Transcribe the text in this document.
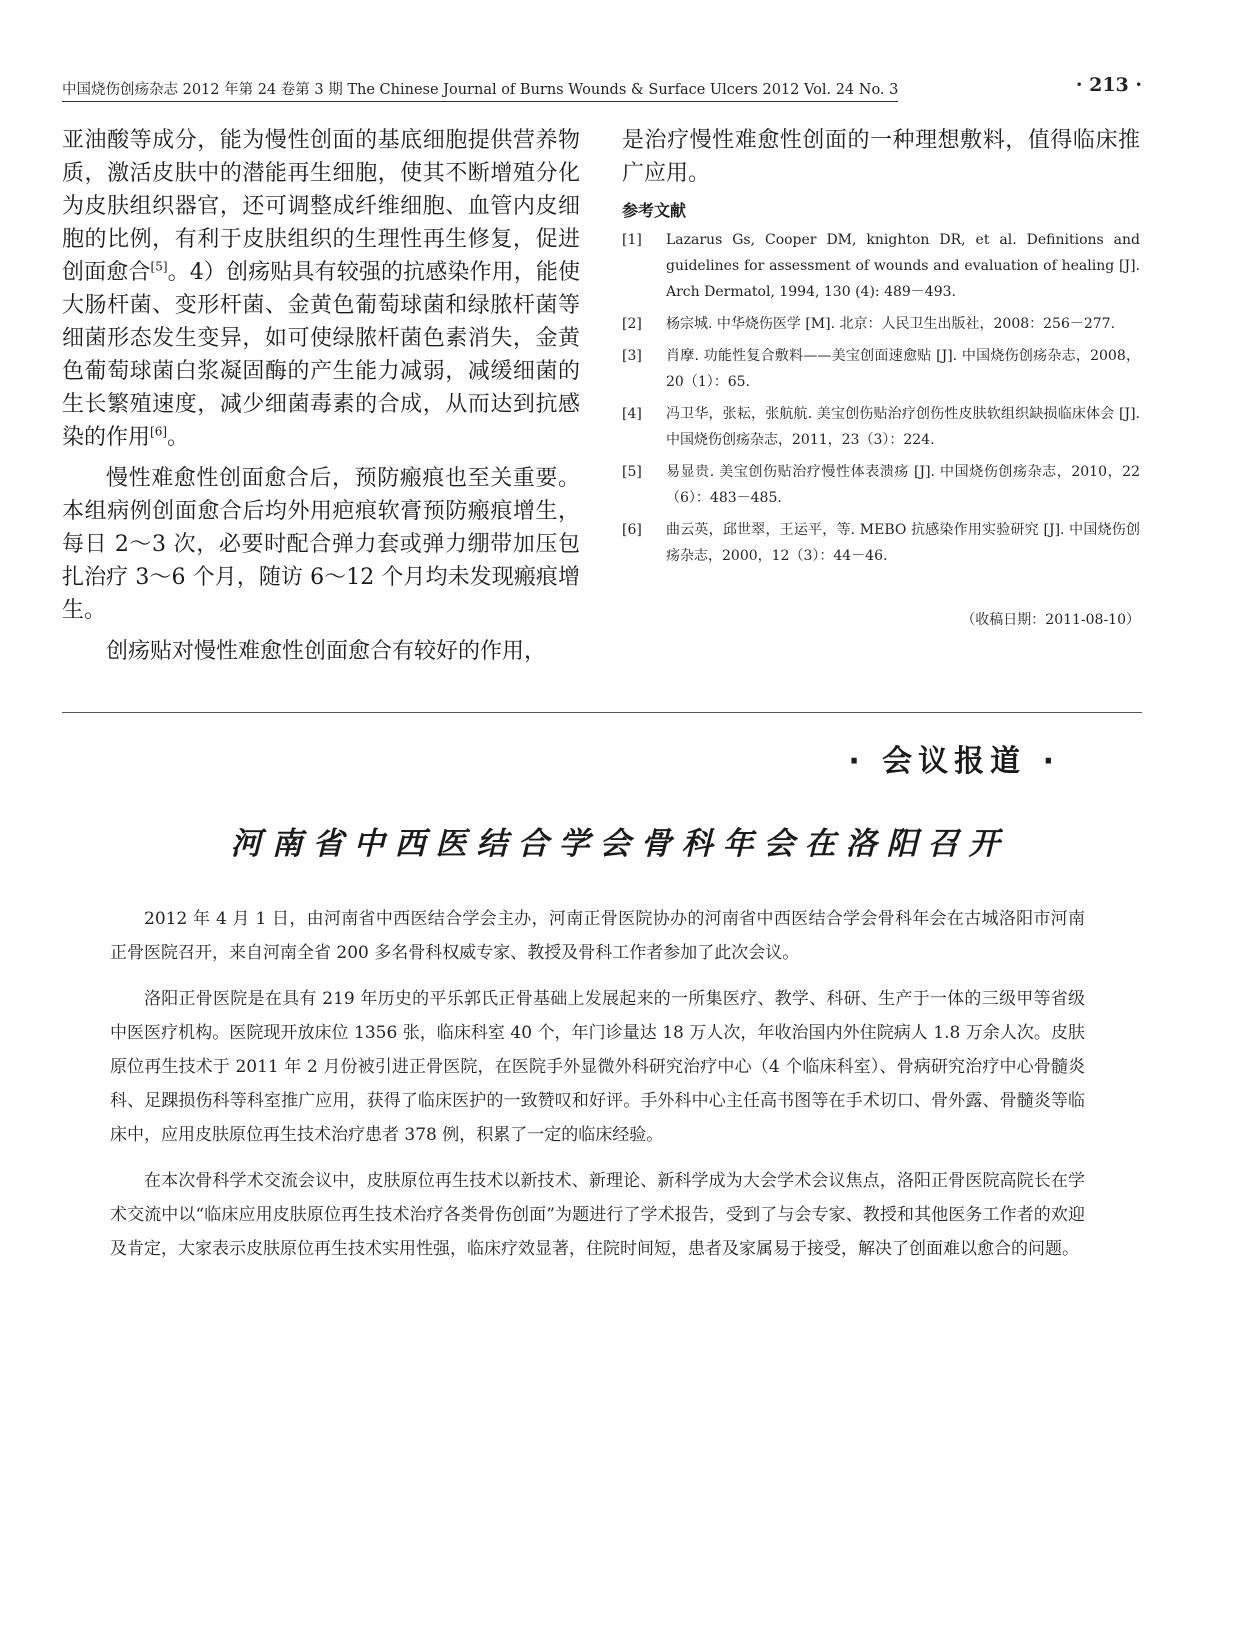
中国烧伤创疡杂志 2012 年第 24 卷第 3 期 The Chinese Journal of Burns Wounds & Surface Ulcers 2012 Vol. 24 No. 3	· 213 ·

亚油酸等成分，能为慢性创面的基底细胞提供营养物质，激活皮肤中的潜能再生细胞，使其不断增殖分化为皮肤组织器官，还可调整成纤维细胞、血管内皮细胞的比例，有利于皮肤组织的生理性再生修复，促进创面愈合[5]。4）创疡贴具有较强的抗感染作用，能使大肠杆菌、变形杆菌、金黄色葡萄球菌和绿脓杆菌等细菌形态发生变异，如可使绿脓杆菌色素消失，金黄色葡萄球菌白浆凝固酶的产生能力减弱，减缓细菌的生长繁殖速度，减少细菌毒素的合成，从而达到抗感染的作用[6]。

慢性难愈性创面愈合后，预防瘢痕也至关重要。本组病例创面愈合后均外用疤痕软膏预防瘢痕增生，每日 2～3 次，必要时配合弹力套或弹力绷带加压包扎治疗 3～6 个月，随访 6～12 个月均未发现瘢痕增生。

创疡贴对慢性难愈性创面愈合有较好的作用，

是治疗慢性难愈性创面的一种理想敷料，值得临床推广应用。

参考文献
[1] Lazarus Gs, Cooper DM, knighton DR, et al. Definitions and guidelines for assessment of wounds and evaluation of healing [J]. Arch Dermatol, 1994, 130 (4): 489－493.
[2] 杨宗城. 中华烧伤医学 [M]. 北京：人民卫生出版社，2008：256－277.
[3] 肖摩. 功能性复合敷料——美宝创面速愈贴 [J]. 中国烧伤创疡杂志，2008，20（1）：65.
[4] 冯卫华，张耘，张航航. 美宝创伤贴治疗创伤性皮肤软组织缺损临床体会 [J]. 中国烧伤创疡杂志，2011，23（3）：224.
[5] 易显贵. 美宝创伤贴治疗慢性体表溃疡 [J]. 中国烧伤创疡杂志，2010，22（6）：483－485.
[6] 曲云英，邱世翠，王运平，等. MEBO 抗感染作用实验研究 [J]. 中国烧伤创疡杂志，2000，12（3）：44－46.
（收稿日期：2011-08-10）
· 会议报道 ·
河南省中西医结合学会骨科年会在洛阳召开

2012 年 4 月 1 日，由河南省中西医结合学会主办，河南正骨医院协办的河南省中西医结合学会骨科年会在古城洛阳市河南正骨医院召开，来自河南全省 200 多名骨科权威专家、教授及骨科工作者参加了此次会议。

洛阳正骨医院是在具有 219 年历史的平乐郭氏正骨基础上发展起来的一所集医疗、教学、科研、生产于一体的三级甲等省级中医医疗机构。医院现开放床位 1356 张，临床科室 40 个，年门诊量达 18 万人次，年收治国内外住院病人 1.8 万余人次。皮肤原位再生技术于 2011 年 2 月份被引进正骨医院，在医院手外显微外科研究治疗中心（4 个临床科室）、骨病研究治疗中心骨髓炎科、足踝损伤科等科室推广应用，获得了临床医护的一致赞叹和好评。手外科中心主任高书图等在手术切口、骨外露、骨髓炎等临床中，应用皮肤原位再生技术治疗患者 378 例，积累了一定的临床经验。

在本次骨科学术交流会议中，皮肤原位再生技术以新技术、新理论、新科学成为大会学术会议焦点，洛阳正骨医院高院长在学术交流中以“临床应用皮肤原位再生技术治疗各类骨伤创面”为题进行了学术报告，受到了与会专家、教授和其他医务工作者的欢迎及肯定，大家表示皮肤原位再生技术实用性强，临床疗效显著，住院时间短，患者及家属易于接受，解决了创面难以愈合的问题。
